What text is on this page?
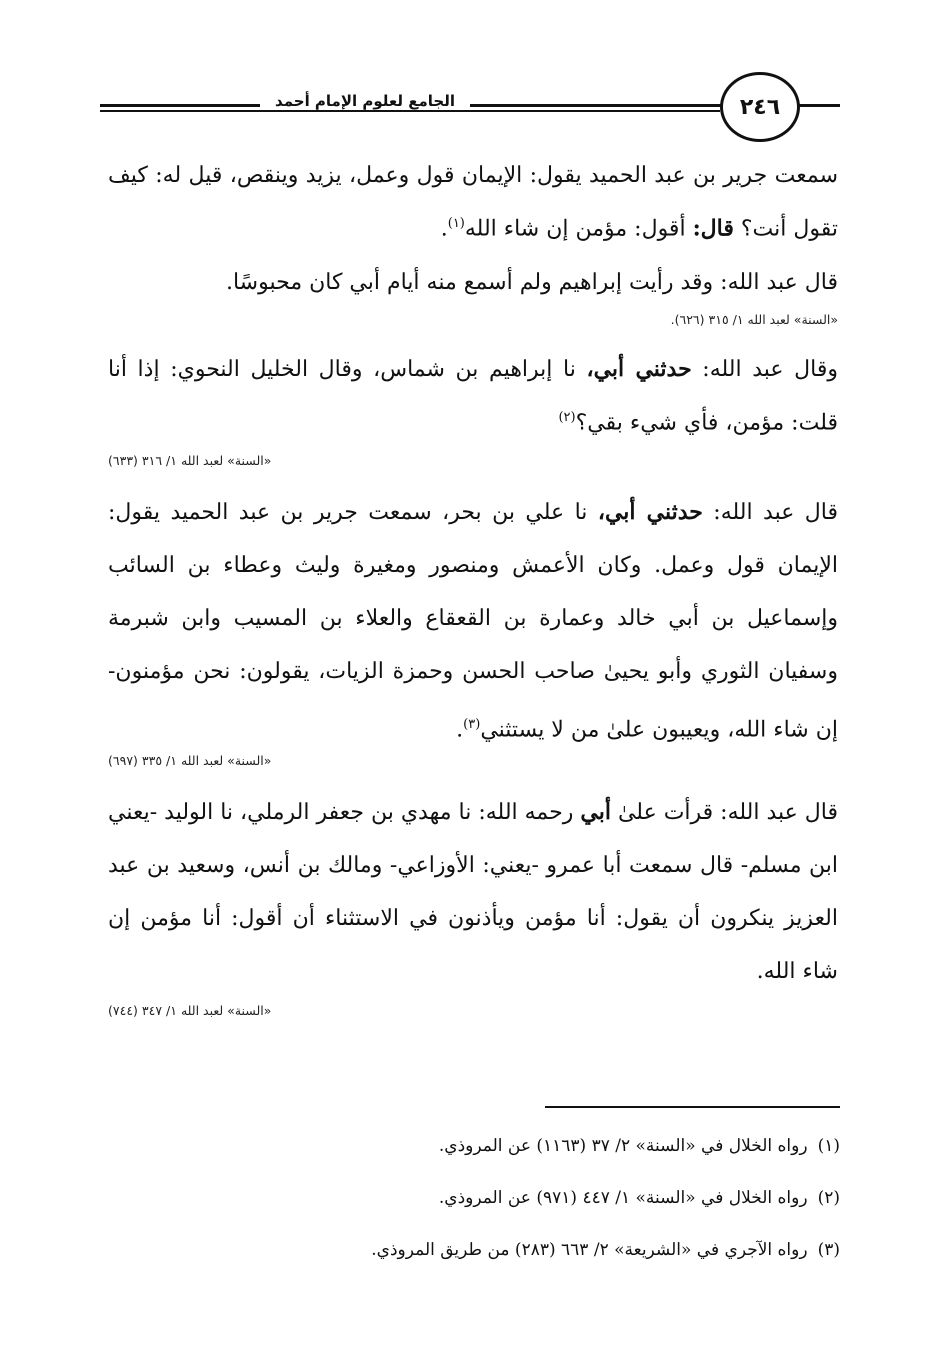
الجامع لعلوم الإمام أحمد	٢٤٦

سمعت جرير بن عبد الحميد يقول: الإيمان قول وعمل، يزيد وينقص، قيل له: كيف تقول أنت؟ قال: أقول: مؤمن إن شاء الله$^{(١)}$.

قال عبد الله: وقد رأيت إبراهيم ولم أسمع منه أيام أبي كان محبوسًا.

«السنة» لعبد الله ١/ ٣١٥ (٦٢٦).

وقال عبد الله: حدثني أبي، نا إبراهيم بن شماس، وقال الخليل النحوي: إذا أنا قلت: مؤمن، فأي شيء بقي؟$^{(٢)}$

«السنة» لعبد الله ١/ ٣١٦ (٦٣٣)

قال عبد الله: حدثني أبي، نا علي بن بحر، سمعت جرير بن عبد الحميد يقول: الإيمان قول وعمل. وكان الأعمش ومنصور ومغيرة وليث وعطاء بن السائب وإسماعيل بن أبي خالد وعمارة بن القعقاع والعلاء بن المسيب وابن شبرمة وسفيان الثوري وأبو يحيىٰ صاحب الحسن وحمزة الزيات، يقولون: نحن مؤمنون- إن شاء الله، ويعيبون علىٰ من لا يستثني$^{(٣)}$.

«السنة» لعبد الله ١/ ٣٣٥ (٦٩٧)

قال عبد الله: قرأت علىٰ أبي رحمه الله: نا مهدي بن جعفر الرملي، نا الوليد -يعني ابن مسلم- قال سمعت أبا عمرو -يعني: الأوزاعي- ومالك بن أنس، وسعيد بن عبد العزيز ينكرون أن يقول: أنا مؤمن ويأذنون في الاستثناء أن أقول: أنا مؤمن إن شاء الله.

«السنة» لعبد الله ١/ ٣٤٧ (٧٤٤)
(١)رواه الخلال في «السنة» ٢/ ٣٧ (١١٦٣) عن المروذي.
(٢)رواه الخلال في «السنة» ١/ ٤٤٧ (٩٧١) عن المروذي.
(٣)رواه الآجري في «الشريعة» ٢/ ٦٦٣ (٢٨٣) من طريق المروذي.
